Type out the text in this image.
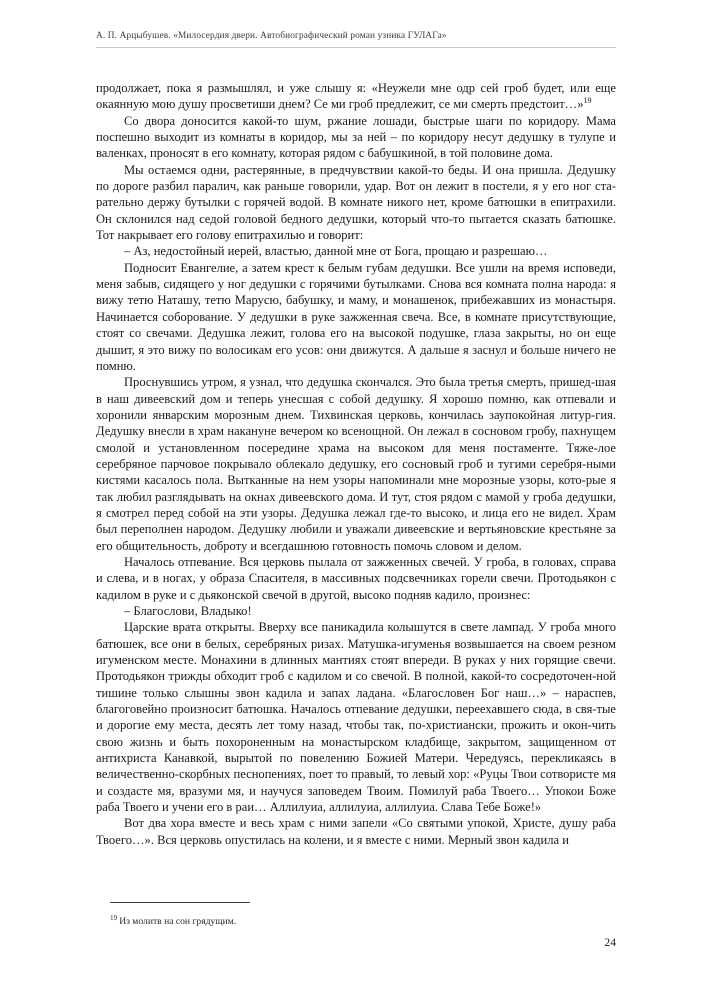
А. П. Арцыбушев. «Милосердия двери. Автобиографический роман узника ГУЛАГа»

продолжает, пока я размышлял, и уже слышу я: «Неужели мне одр сей гроб будет, или еще окаянную мою душу просветиши днем? Се ми гроб предлежит, се ми смерть предстоит…»$^{19}$

Со двора доносится какой-то шум, ржание лошади, быстрые шаги по коридору. Мама поспешно выходит из комнаты в коридор, мы за ней – по коридору несут дедушку в тулупе и валенках, проносят в его комнату, которая рядом с бабушкиной, в той половине дома.

Мы остаемся одни, растерянные, в предчувствии какой-то беды. И она пришла. Дедушку по дороге разбил паралич, как раньше говорили, удар. Вот он лежит в постели, я у его ног ста-рательно держу бутылки с горячей водой. В комнате никого нет, кроме батюшки в епитрахили. Он склонился над седой головой бедного дедушки, который что-то пытается сказать батюшке. Тот накрывает его голову епитрахилью и говорит:

– Аз, недостойный иерей, властью, данной мне от Бога, прощаю и разрешаю…

Подносит Евангелие, а затем крест к белым губам дедушки. Все ушли на время исповеди, меня забыв, сидящего у ног дедушки с горячими бутылками. Снова вся комната полна народа: я вижу тетю Наташу, тетю Марусю, бабушку, и маму, и монашенок, прибежавших из монастыря. Начинается соборование. У дедушки в руке зажженная свеча. Все, в комнате присутствующие, стоят со свечами. Дедушка лежит, голова его на высокой подушке, глаза закрыты, но он еще дышит, я это вижу по волосикам его усов: они движутся. А дальше я заснул и больше ничего не помню.

Проснувшись утром, я узнал, что дедушка скончался. Это была третья смерть, пришед-шая в наш дивеевский дом и теперь унесшая с собой дедушку. Я хорошо помню, как отпевали и хоронили январским морозным днем. Тихвинская церковь, кончилась заупокойная литур-гия. Дедушку внесли в храм накануне вечером ко всенощной. Он лежал в сосновом гробу, пахнущем смолой и установленном посередине храма на высоком для меня постаменте. Тяже-лое серебряное парчовое покрывало облекало дедушку, его сосновый гроб и тугими серебря-ными кистями касалось пола. Вытканные на нем узоры напоминали мне морозные узоры, кото-рые я так любил разглядывать на окнах дивеевского дома. И тут, стоя рядом с мамой у гроба дедушки, я смотрел перед собой на эти узоры. Дедушка лежал где-то высоко, и лица его не видел. Храм был переполнен народом. Дедушку любили и уважали дивеевские и вертьяновские крестьяне за его общительность, доброту и всегдашнюю готовность помочь словом и делом.

Началось отпевание. Вся церковь пылала от зажженных свечей. У гроба, в головах, справа и слева, и в ногах, у образа Спасителя, в массивных подсвечниках горели свечи. Протодьякон с кадилом в руке и с дьяконской свечой в другой, высоко подняв кадило, произнес:

– Благослови, Владыко!

Царские врата открыты. Вверху все паникадила колышутся в свете лампад. У гроба много батюшек, все они в белых, серебряных ризах. Матушка-игуменья возвышается на своем резном игуменском месте. Монахини в длинных мантиях стоят впереди. В руках у них горящие свечи. Протодьякон трижды обходит гроб с кадилом и со свечой. В полной, какой-то сосредоточен-ной тишине только слышны звон кадила и запах ладана. «Благословен Бог наш…» – нараспев, благоговейно произносит батюшка. Началось отпевание дедушки, переехавшего сюда, в свя-тые и дорогие ему места, десять лет тому назад, чтобы так, по-христиански, прожить и окон-чить свою жизнь и быть похороненным на монастырском кладбище, закрытом, защищенном от антихриста Канавкой, вырытой по повелению Божией Матери. Чередуясь, перекликаясь в величественно-скорбных песнопениях, поет то правый, то левый хор: «Руцы Твои сотвористе мя и создасте мя, вразуми мя, и научуся заповедем Твоим. Помилуй раба Твоего… Упокои Боже раба Твоего и учени его в раи… Аллилуиа, аллилуиа, аллилуиа. Слава Тебе Боже!»

Вот два хора вместе и весь храм с ними запели «Со святыми упокой, Христе, душу раба Твоего…». Вся церковь опустилась на колени, и я вместе с ними. Мерный звон кадила и

$^{19}$ Из молитв на сон грядущим.
24
